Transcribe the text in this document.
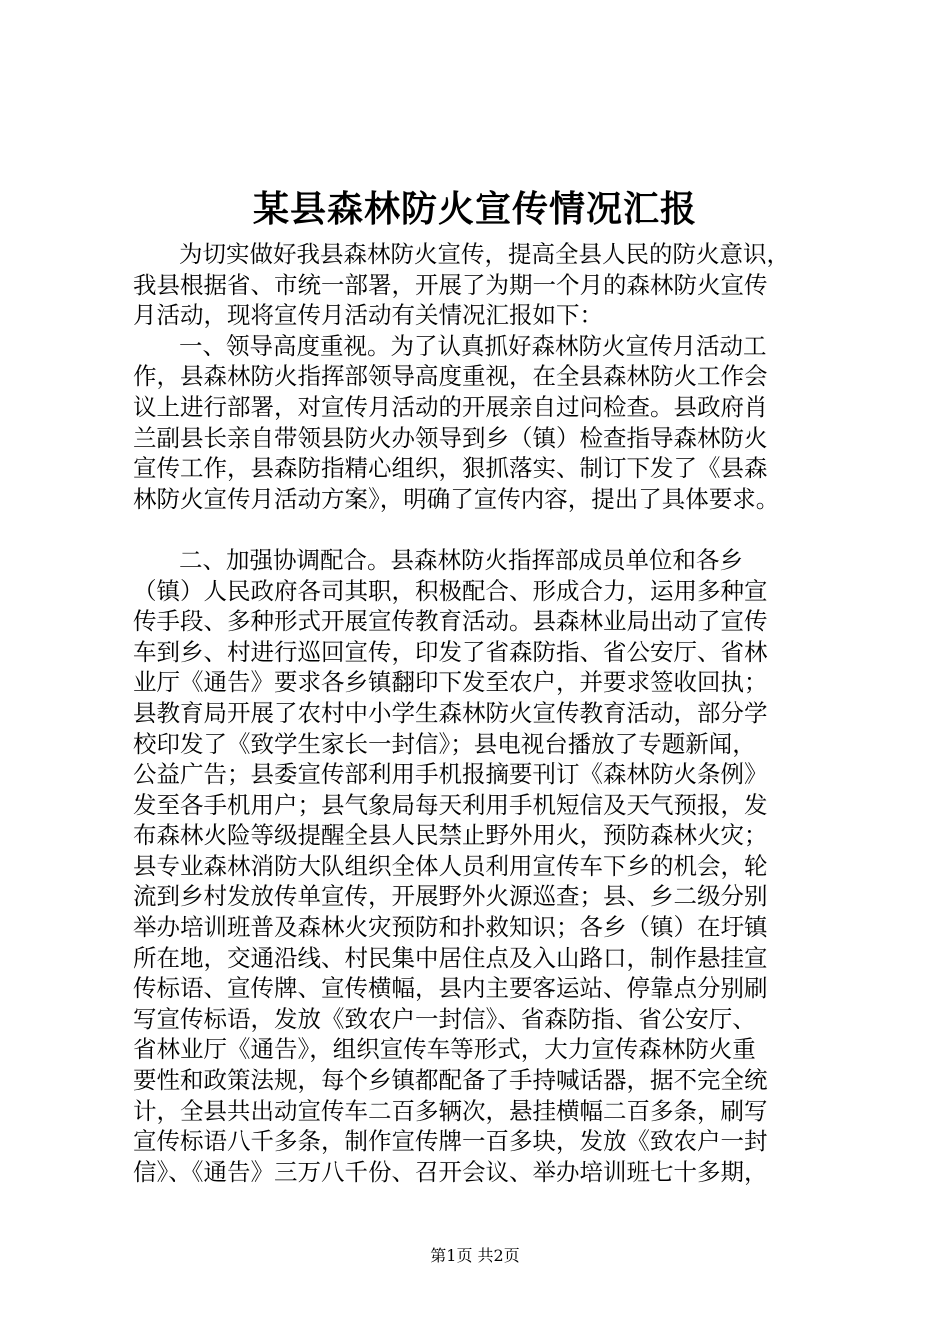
某县森林防火宣传情况汇报
为切实做好我县森林防火宣传，提高全县人民的防火意识，
我县根据省、市统一部署，开展了为期一个月的森林防火宣传
月活动，现将宣传月活动有关情况汇报如下：
一、领导高度重视。为了认真抓好森林防火宣传月活动工
作，县森林防火指挥部领导高度重视，在全县森林防火工作会
议上进行部署，对宣传月活动的开展亲自过问检查。县政府肖
兰副县长亲自带领县防火办领导到乡（镇）检查指导森林防火
宣传工作，县森防指精心组织，狠抓落实、制订下发了《县森
林防火宣传月活动方案》，明确了宣传内容，提出了具体要求。
二、加强协调配合。县森林防火指挥部成员单位和各乡
（镇）人民政府各司其职，积极配合、形成合力，运用多种宣
传手段、多种形式开展宣传教育活动。县森林业局出动了宣传
车到乡、村进行巡回宣传，印发了省森防指、省公安厅、省林
业厅《通告》要求各乡镇翻印下发至农户，并要求签收回执；
县教育局开展了农村中小学生森林防火宣传教育活动，部分学
校印发了《致学生家长一封信》；县电视台播放了专题新闻，
公益广告；县委宣传部利用手机报摘要刊订《森林防火条例》
发至各手机用户；县气象局每天利用手机短信及天气预报，发
布森林火险等级提醒全县人民禁止野外用火，预防森林火灾；
县专业森林消防大队组织全体人员利用宣传车下乡的机会，轮
流到乡村发放传单宣传，开展野外火源巡查；县、乡二级分别
举办培训班普及森林火灾预防和扑救知识；各乡（镇）在圩镇
所在地，交通沿线、村民集中居住点及入山路口，制作悬挂宣
传标语、宣传牌、宣传横幅，县内主要客运站、停靠点分别刷
写宣传标语，发放《致农户一封信》、省森防指、省公安厅、
省林业厅《通告》，组织宣传车等形式，大力宣传森林防火重
要性和政策法规，每个乡镇都配备了手持喊话器，据不完全统
计，全县共出动宣传车二百多辆次，悬挂横幅二百多条，刷写
宣传标语八千多条，制作宣传牌一百多块，发放《致农户一封
信》、《通告》三万八千份、召开会议、举办培训班七十多期，
第1页 共2页
